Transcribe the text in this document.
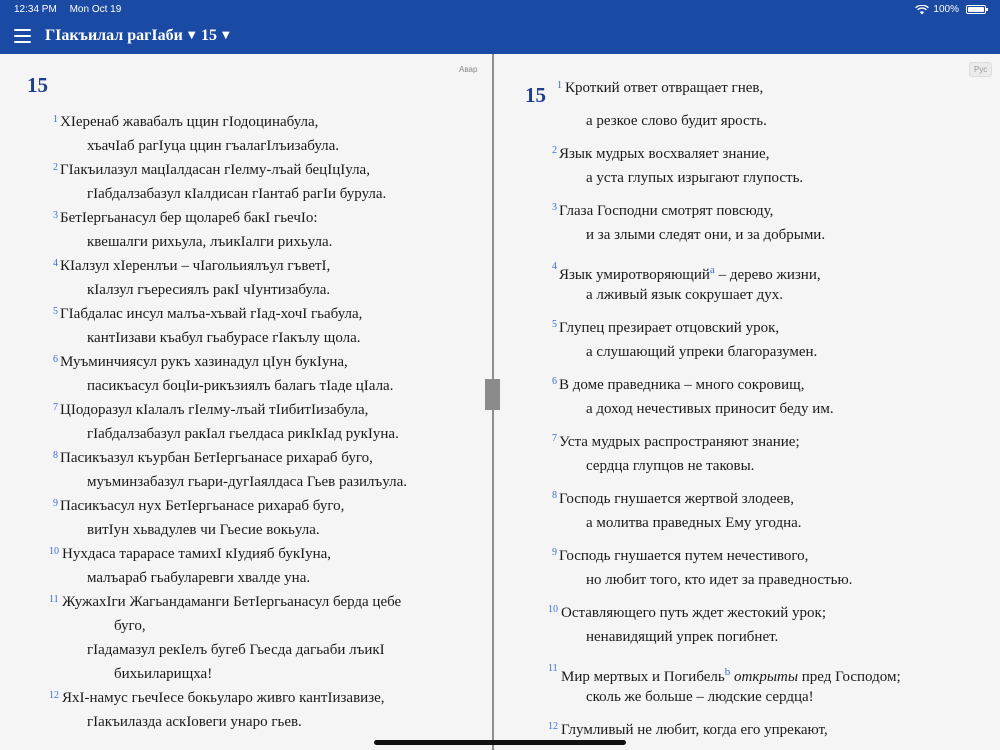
12:34 PM Mon Oct 19	100%
ГӀакъилал рагӀаби ▼ 15 ▼
Авар
15
1 ХӀеренаб жавабалъ ццин гӀодоцинабула,
хъачӀаб рагӀуца ццин гъалагӀлъизабула.
2 ГӀакъилазул мацӀалдасан гӀелму-лъай бецӀцӀула,
гӀабдалзабазул кӀалдисан гӀантаб рагӀи бурула.
3 БетӀергьанасул бер щолареб бакӀ гьечӀо:
квешалги рихьула, лъикӀалги рихьула.
4 КӀалзул хӀеренлъи – чӀагольиялъул гъветӀ,
кӀалзул гъересиялъ ракӀ чӀунтизабула.
5 ГӀабдалас инсул малъа-хъвай гӀад-хочӀ гьабула,
кантӀизави къабул гьабурасе гӀакълу щола.
6 Муъминчиясул рукъ хазинадул цӀун букӀуна,
пасикъасул боцӀи-рикъзиялъ балагь тӀаде цӀала.
7 ЦӀодоразул кӀалалъ гӀелму-лъай тӀибитӀизабула,
гӀабдалзабазул ракӀал гьелдаса рикӀкӀад рукӀуна.
8 Пасикъазул къурбан БетӀергьанасе рихараб буго,
муъминзабазул гьари-дугӀаялдаса Гьев разилъула.
9 Пасикъасул нух БетӀергьанасе рихараб буго,
витӀун хьвадулев чи Гьесие вокьула.
10 Нухдаса тарарасе тамихӀ кӀудияб букӀуна,
малъараб гьабуларевги хвалде уна.
11 ЖужахӀги Жагьандаманги БетӀергьанасул берда цебе
буго,
гӀадамазул рекӀелъ бугеб Гьесда дагьаби лъикӀ
бихьиларищха!
12 ЯхӀ-намус гьечӀесе бокьуларо живго кантӀизавизе,
гӀакъилазда аскӀовеги унаро гьев.
Рус
15 1 Кроткий ответ отвращает гнев,
а резкое слово будит ярость.
2 Язык мудрых восхваляет знание,
а уста глупых изрыгают глупость.
3 Глаза Господни смотрят повсюду,
и за злыми следят они, и за добрыми.
4
Язык умиротворяющий$^a$ – дерево жизни,
а лживый язык сокрушает дух.
5 Глупец презирает отцовский урок,
а слушающий упреки благоразумен.
6 В доме праведника – много сокровищ,
а доход нечестивых приносит беду им.
7 Уста мудрых распространяют знание;
сердца глупцов не таковы.
8 Господь гнушается жертвой злодеев,
а молитва праведных Ему угодна.
9 Господь гнушается путем нечестивого,
но любит того, кто идет за праведностью.
10 Оставляющего путь ждет жестокий урок;
ненавидящий упрек погибнет.
11
Мир мертвых и Погибель$^b$ открыты пред Господом;
сколь же больше – людские сердца!
12 Глумливый не любит, когда его упрекают,
